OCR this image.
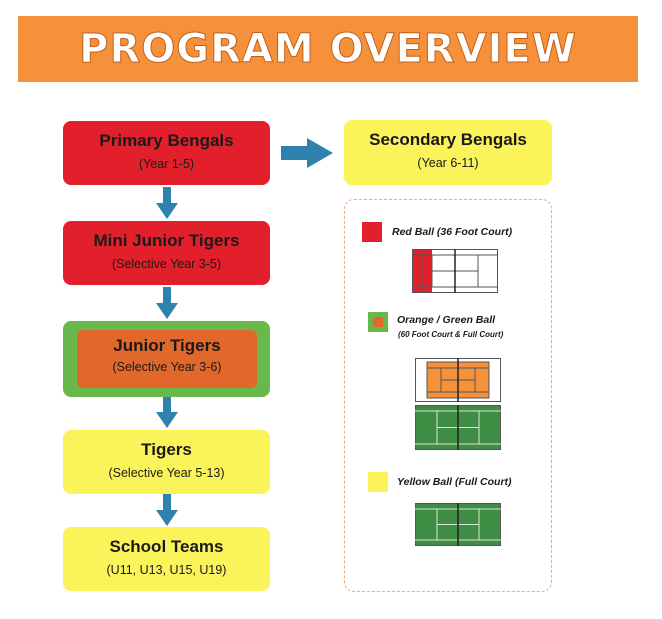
PROGRAM OVERVIEW
Primary Bengals
(Year 1-5)
Secondary Bengals
(Year 6-11)
Mini Junior Tigers
(Selective Year 3-5)
Junior Tigers
(Selective Year 3-6)
Tigers
(Selective Year 5-13)
School Teams
(U11, U13, U15, U19)
Red Ball (36 Foot Court)
Orange / Green Ball
(60 Foot Court & Full Court)
Yellow Ball (Full Court)
